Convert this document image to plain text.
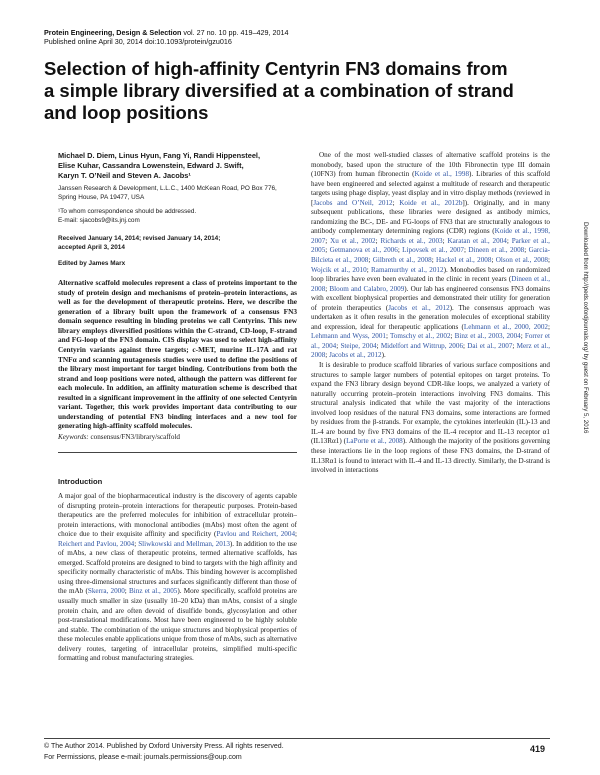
Protein Engineering, Design & Selection vol. 27 no. 10 pp. 419–429, 2014
Published online April 30, 2014 doi:10.1093/protein/gzu016
Selection of high-affinity Centyrin FN3 domains from a simple library diversified at a combination of strand and loop positions
Michael D. Diem, Linus Hyun, Fang Yi, Randi Hippensteel,
Elise Kuhar, Cassandra Lowenstein, Edward J. Swift,
Karyn T. O’Neil and Steven A. Jacobs¹
Janssen Research & Development, L.L.C., 1400 McKean Road, PO Box 776,
Spring House, PA 19477, USA
¹To whom correspondence should be addressed.
E-mail: sjacobs9@its.jnj.com
Received January 14, 2014; revised January 14, 2014;
accepted April 3, 2014
Edited by James Marx
Alternative scaffold molecules represent a class of proteins important to the study of protein design and mechanisms of protein–protein interactions, as well as for the development of therapeutic proteins. Here, we describe the generation of a library built upon the framework of a consensus FN3 domain sequence resulting in binding proteins we call Centyrins. This new library employs diversified positions within the C-strand, CD-loop, F-strand and FG-loop of the FN3 domain. CIS display was used to select high-affinity Centyrin variants against three targets; c-MET, murine IL-17A and rat TNFα and scanning mutagenesis studies were used to define the positions of the library most important for target binding. Contributions from both the strand and loop positions were noted, although the pattern was different for each molecule. In addition, an affinity maturation scheme is described that resulted in a significant improvement in the affinity of one selected Centyrin variant. Together, this work provides important data contributing to our understanding of potential FN3 binding interfaces and a new tool for generating high-affinity scaffold molecules.
Keywords: consensus/FN3/library/scaffold
Introduction

A major goal of the biopharmaceutical industry is the discovery of agents capable of disrupting protein–protein interactions for therapeutic purposes. Protein-based therapeutics are the preferred molecules for inhibition of extracellular protein–protein interactions, with monoclonal antibodies (mAbs) most often the agent of choice due to their exquisite affinity and specificity (Pavlou and Reichert, 2004; Reichert and Pavlou, 2004; Sliwkowski and Mellman, 2013). In addition to the use of mAbs, a new class of therapeutic proteins, termed alternative scaffolds, has emerged. Scaffold proteins are designed to bind to targets with the high affinity and specificity normally characteristic of mAbs. This binding however is accomplished using three-dimensional structures and surfaces significantly different than those of the mAb (Skerra, 2000; Binz et al., 2005). More specifically, scaffold proteins are usually much smaller in size (usually 10–20 kDa) than mAbs, consist of a single protein chain, and are often devoid of disulfide bonds, glycosylation and other post-translational modifications. Most have been engineered to be highly soluble and stable. The combination of the unique structures and biophysical properties of these molecules enable applications unique from those of mAbs, such as alternative delivery routes, targeting of intracellular proteins, simplified multi-specific formatting and robust manufacturing strategies.

One of the most well-studied classes of alternative scaffold proteins is the monobody, based upon the structure of the 10th Fibronectin type III domain (10FN3) from human fibronectin (Koide et al., 1998). Libraries of this scaffold have been engineered and selected against a multitude of research and therapeutic targets using phage display, yeast display and in vitro display methods (reviewed in [Jacobs and O’Neil, 2012; Koide et al., 2012b]). Originally, and in many subsequent publications, these libraries were designed as antibody mimics, randomizing the BC-, DE- and FG-loops of FN3 that are structurally analogous to antibody complementary determining regions (CDR) regions (Koide et al., 1998, 2007; Xu et al., 2002; Richards et al., 2003; Karatan et al., 2004; Parker et al., 2005; Getmanova et al., 2006; Lipovsek et al., 2007; Dineen et al., 2008; Garcia-Bilcieta et al., 2008; Gilbreth et al., 2008; Hackel et al., 2008; Olson et al., 2008; Wojcik et al., 2010; Ramamurthy et al., 2012). Monobodies based on randomized loop libraries have even been evaluated in the clinic in recent years (Dineen et al., 2008; Bloom and Calabro, 2009). Our lab has engineered consensus FN3 domains with excellent biophysical properties and demonstrated their utility for generation of protein therapeutics (Jacobs et al., 2012). The consensus approach was undertaken as it often results in the generation molecules of exceptional stability and expression, ideal for therapeutic applications (Lehmann et al., 2000, 2002; Lehmann and Wyss, 2001; Tomschy et al., 2002; Binz et al., 2003, 2004; Forrer et al., 2004; Steipe, 2004; Midelfort and Wittrup, 2006; Dai et al., 2007; Merz et al., 2008; Jacobs et al., 2012).

It is desirable to produce scaffold libraries of various surface compositions and structures to sample larger numbers of potential epitopes on target proteins. To expand the FN3 library design beyond CDR-like loops, we analyzed a variety of naturally occurring protein–protein interactions involving FN3 domains. This structural analysis indicated that while the vast majority of the interactions involved loop residues of the natural FN3 domains, some interactions are formed by residues from the β-strands. For example, the cytokines interleukin (IL)-13 and IL-4 are bound by five FN3 domains of the IL-4 receptor and IL-13 receptor α1 (IL13Rα1) (LaPorte et al., 2008). Although the majority of the positions governing these interactions lie in the loop regions of these FN3 domains, the D-strand of IL13Rα1 is found to interact with IL-4 and IL-13 directly. Similarly, the D-strand is involved in interactions

Downloaded from http://peds.oxfordjournals.org/ by guest on February 5, 2016
© The Author 2014. Published by Oxford University Press. All rights reserved.
For Permissions, please e-mail: journals.permissions@oup.com
419
